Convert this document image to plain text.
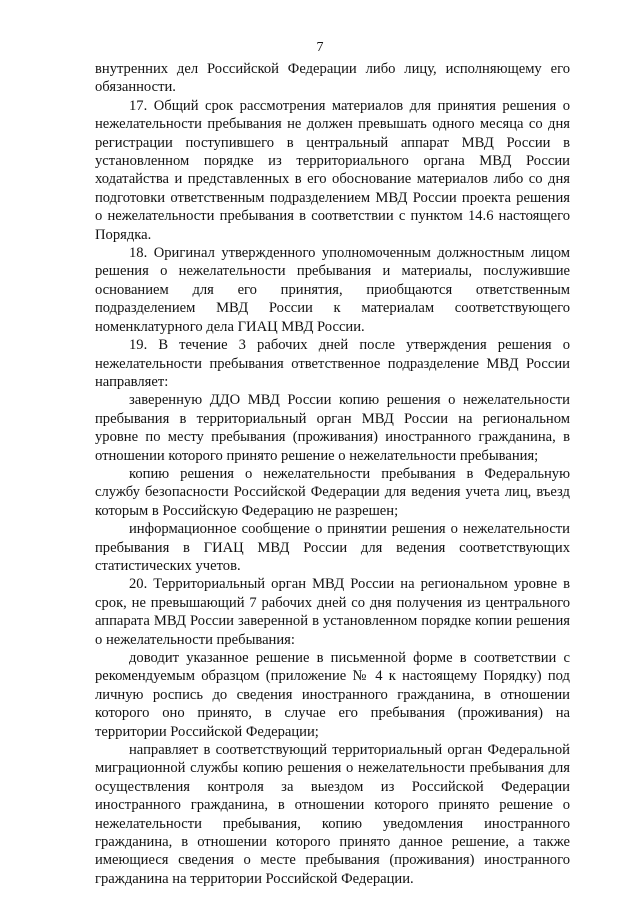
7

внутренних дел Российской Федерации либо лицу, исполняющему его обязанности.

17. Общий срок рассмотрения материалов для принятия решения о нежелательности пребывания не должен превышать одного месяца со дня регистрации поступившего в центральный аппарат МВД России в установленном порядке из территориального органа МВД России ходатайства и представленных в его обоснование материалов либо со дня подготовки ответственным подразделением МВД России проекта решения о нежелательности пребывания в соответствии с пунктом 14.6 настоящего Порядка.

18. Оригинал утвержденного уполномоченным должностным лицом решения о нежелательности пребывания и материалы, послужившие основанием для его принятия, приобщаются ответственным подразделением МВД России к материалам соответствующего номенклатурного дела ГИАЦ МВД России.

19. В течение 3 рабочих дней после утверждения решения о нежелательности пребывания ответственное подразделение МВД России направляет:

заверенную ДДО МВД России копию решения о нежелательности пребывания в территориальный орган МВД России на региональном уровне по месту пребывания (проживания) иностранного гражданина, в отношении которого принято решение о нежелательности пребывания;

копию решения о нежелательности пребывания в Федеральную службу безопасности Российской Федерации для ведения учета лиц, въезд которым в Российскую Федерацию не разрешен;

информационное сообщение о принятии решения о нежелательности пребывания в ГИАЦ МВД России для ведения соответствующих статистических учетов.

20. Территориальный орган МВД России на региональном уровне в срок, не превышающий 7 рабочих дней со дня получения из центрального аппарата МВД России заверенной в установленном порядке копии решения о нежелательности пребывания:

доводит указанное решение в письменной форме в соответствии с рекомендуемым образцом (приложение № 4 к настоящему Порядку) под личную роспись до сведения иностранного гражданина, в отношении которого оно принято, в случае его пребывания (проживания) на территории Российской Федерации;

направляет в соответствующий территориальный орган Федеральной миграционной службы копию решения о нежелательности пребывания для осуществления контроля за выездом из Российской Федерации иностранного гражданина, в отношении которого принято решение о нежелательности пребывания, копию уведомления иностранного гражданина, в отношении которого принято данное решение, а также имеющиеся сведения о месте пребывания (проживания) иностранного гражданина на территории Российской Федерации.
